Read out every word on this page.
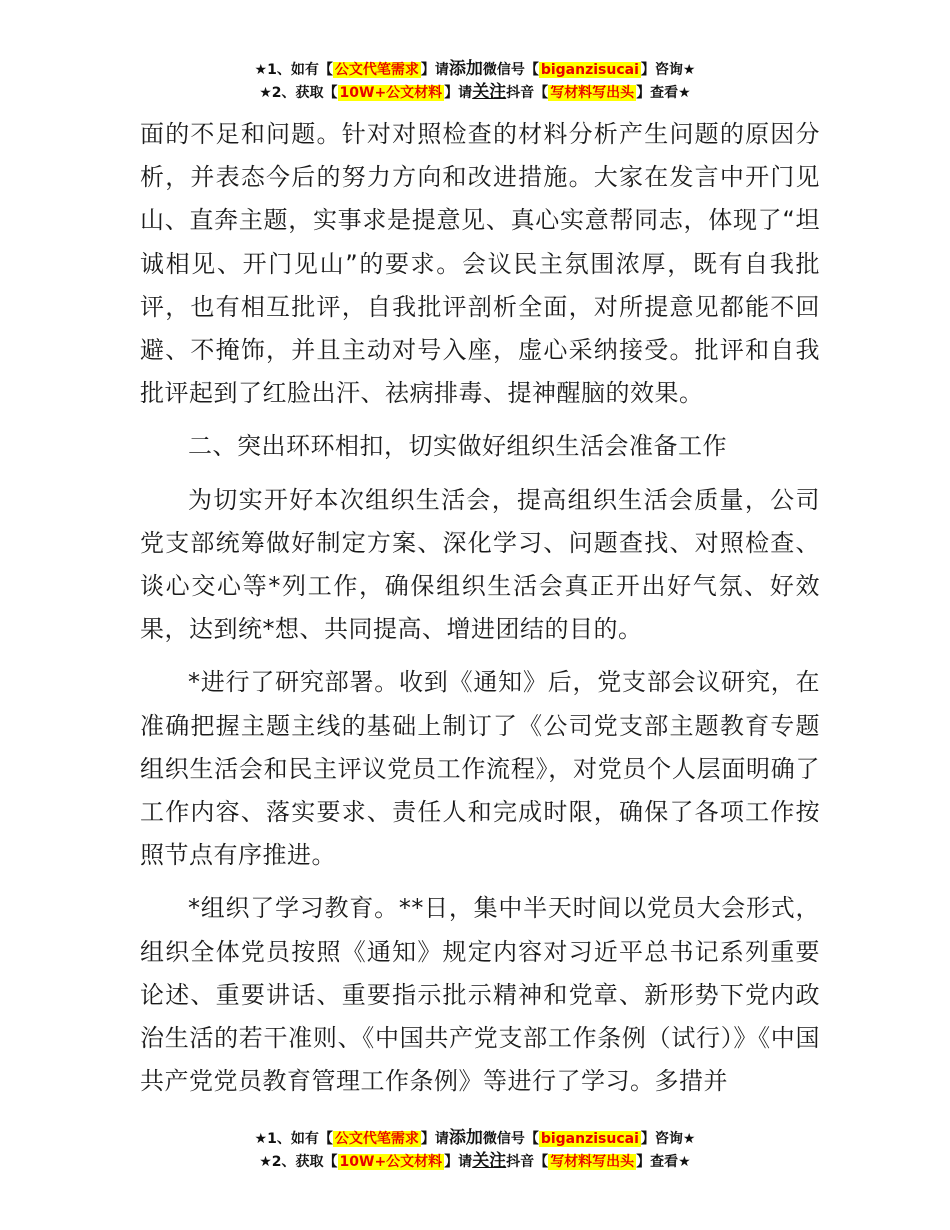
★1、如有【 公文代笔需求 】请添加微信号【 biganzisucai 】咨询★
★2、获取【 10W+公文材料 】请关注抖音【 写材料写出头 】查看★

面的不足和问题。针对对照检查的材料分析产生问题的原因分析，并表态今后的努力方向和改进措施。大家在发言中开门见山、直奔主题，实事求是提意见、真心实意帮同志，体现了“坦诚相见、开门见山”的要求。会议民主氛围浓厚，既有自我批评，也有相互批评，自我批评剖析全面，对所提意见都能不回避、不掩饰，并且主动对号入座，虚心采纳接受。批评和自我批评起到了红脸出汗、祛病排毒、提神醒脑的效果。

二、突出环环相扣，切实做好组织生活会准备工作

为切实开好本次组织生活会，提高组织生活会质量，公司党支部统筹做好制定方案、深化学习、问题查找、对照检查、谈心交心等*列工作，确保组织生活会真正开出好气氛、好效果，达到统*想、共同提高、增进团结的目的。

*进行了研究部署。收到《通知》后，党支部会议研究，在准确把握主题主线的基础上制订了《公司党支部主题教育专题组织生活会和民主评议党员工作流程》，对党员个人层面明确了工作内容、落实要求、责任人和完成时限，确保了各项工作按照节点有序推进。

*组织了学习教育。**日，集中半天时间以党员大会形式，组织全体党员按照《通知》规定内容对习近平总书记系列重要论述、重要讲话、重要指示批示精神和党章、新形势下党内政治生活的若干准则、《中国共产党支部工作条例（试行）》《中国共产党党员教育管理工作条例》等进行了学习。多措并

★1、如有【 公文代笔需求 】请添加微信号【 biganzisucai 】咨询★
★2、获取【 10W+公文材料 】请关注抖音【 写材料写出头 】查看★
